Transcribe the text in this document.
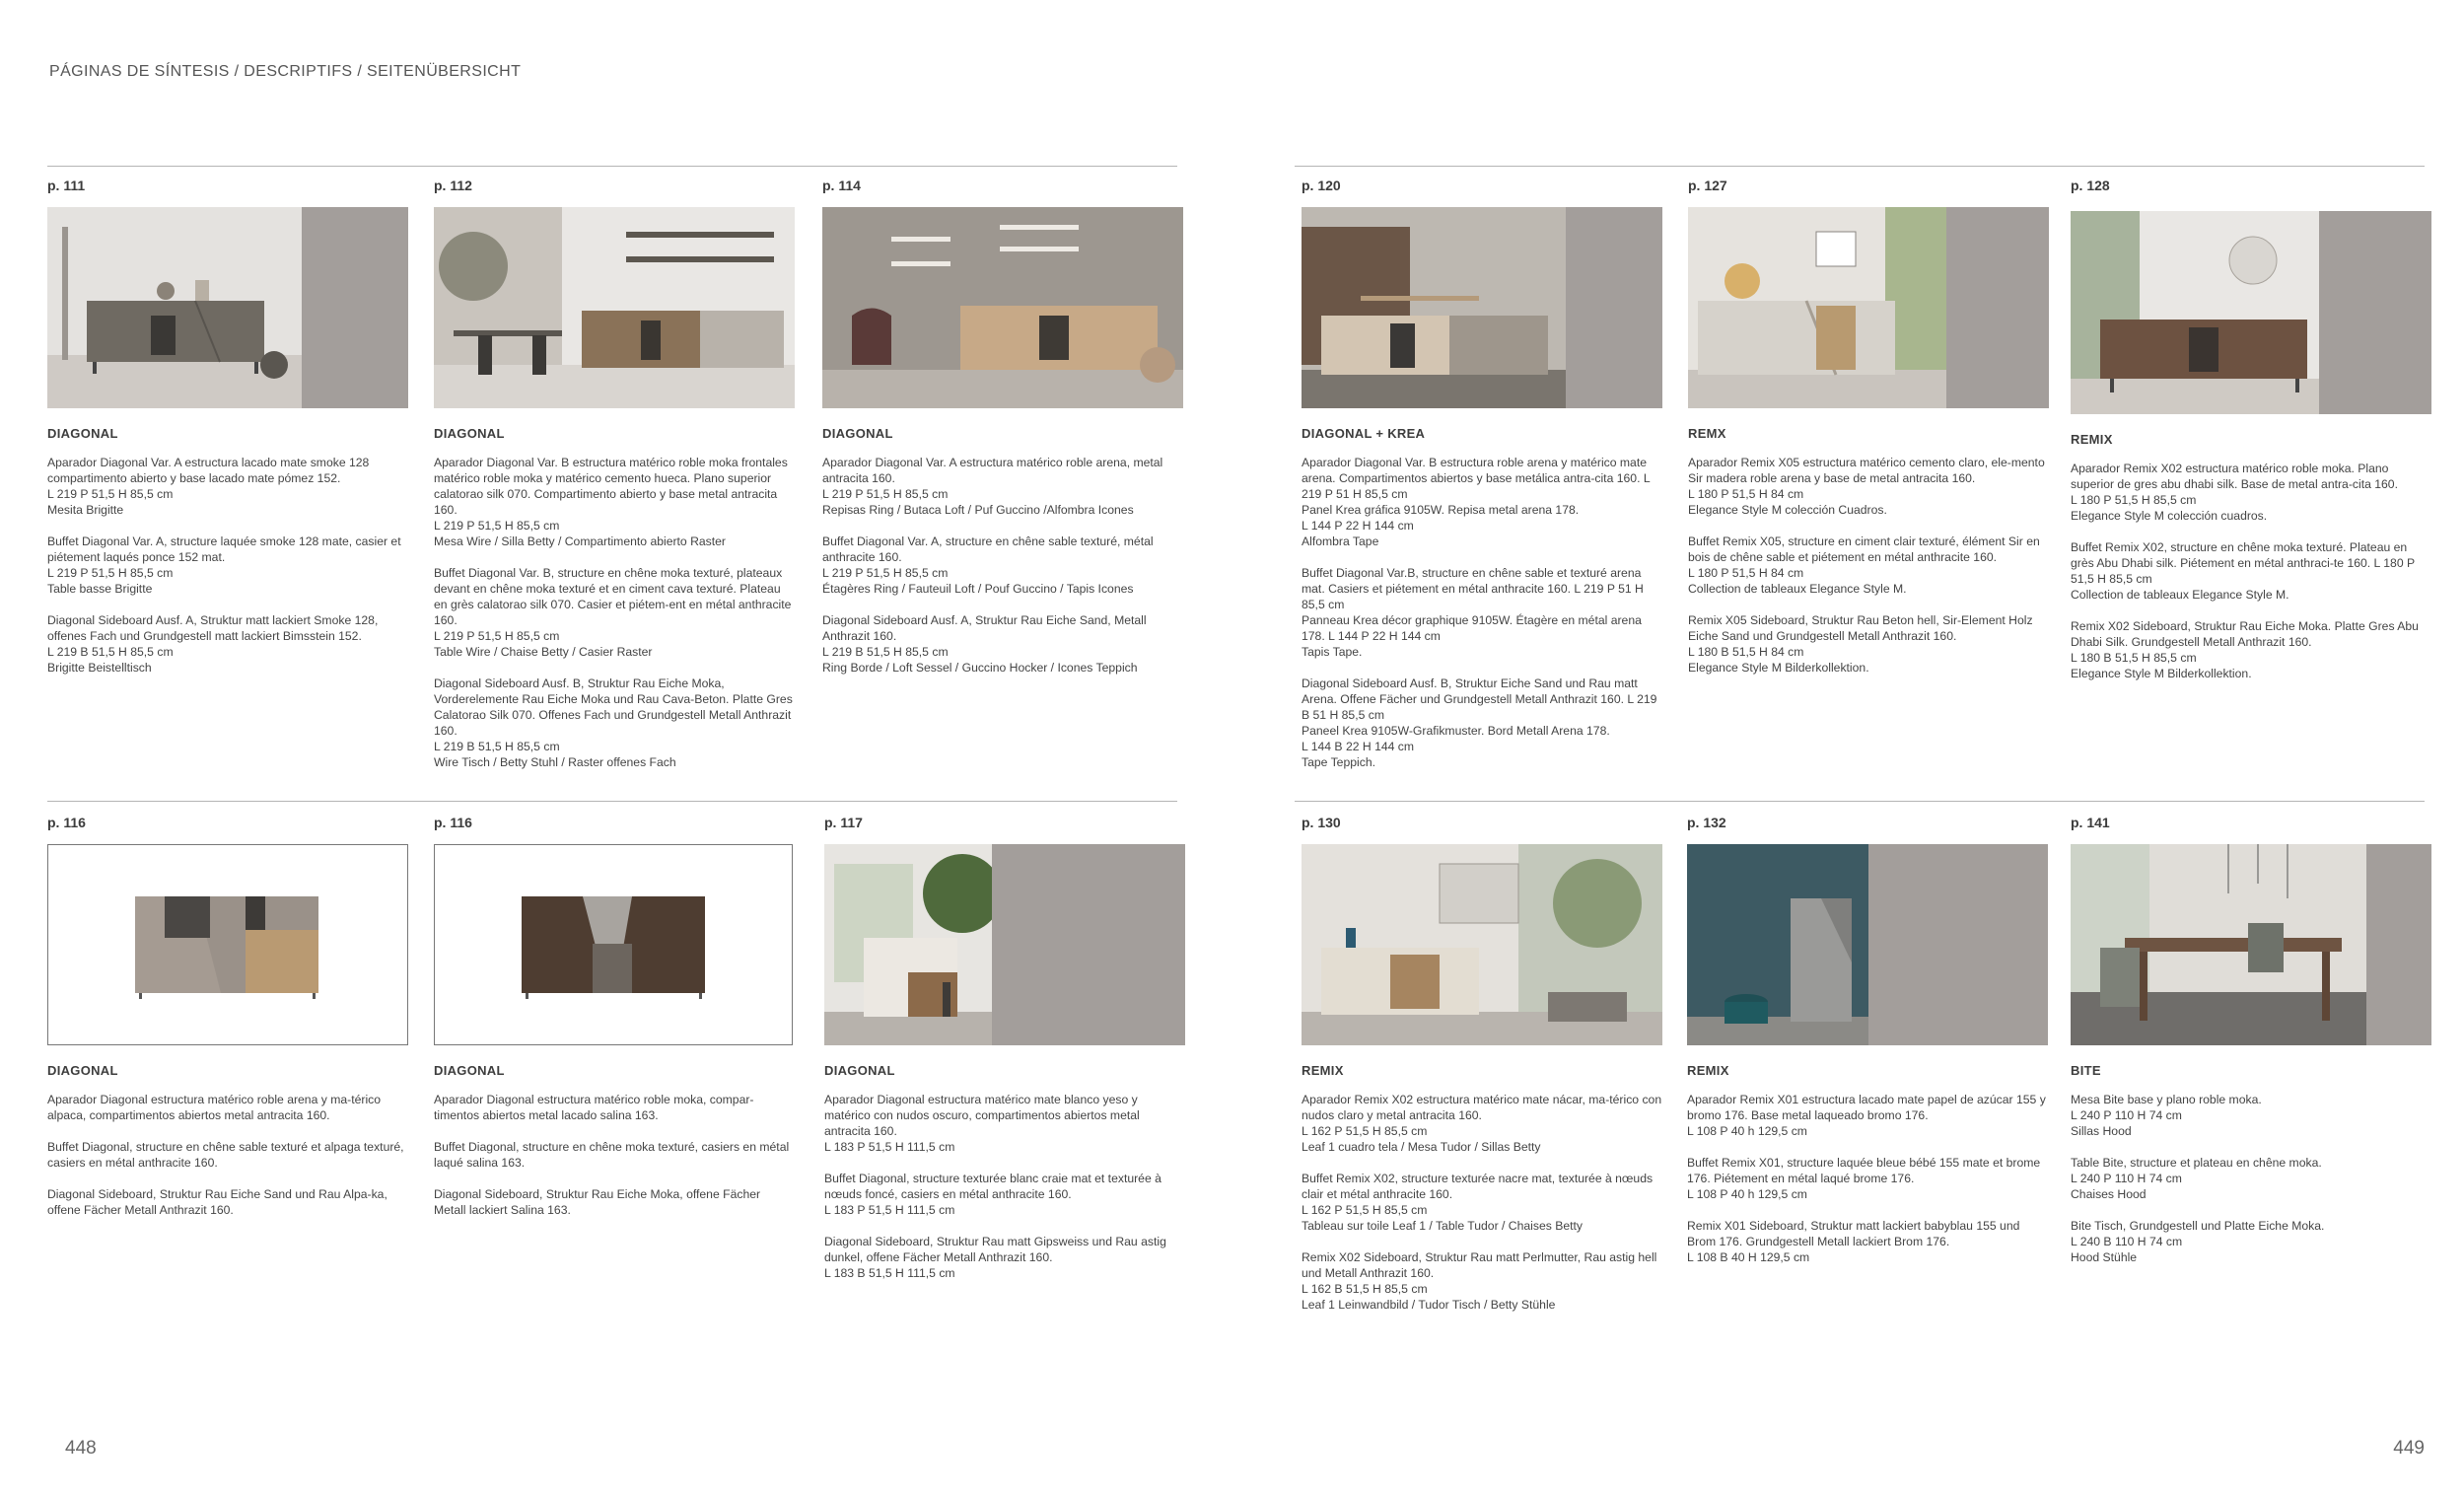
PÁGINAS DE SÍNTESIS / DESCRIPTIFS / SEITENÜBERSICHT
p. 111
DIAGONAL

Aparador Diagonal Var. A estructura lacado mate smoke 128 compartimento abierto y base lacado mate pómez 152.
L 219 P 51,5 H 85,5 cm
Mesita Brigitte

Buffet Diagonal Var. A, structure laquée smoke 128 mate, casier et piétement laqués ponce 152 mat.
L 219 P 51,5 H 85,5 cm
Table basse Brigitte

Diagonal Sideboard Ausf. A, Struktur matt lackiert Smoke 128, offenes Fach und Grundgestell matt lackiert Bimsstein 152.
L 219 B 51,5 H 85,5 cm
Brigitte Beistelltisch

p. 112
DIAGONAL

Aparador Diagonal Var. B estructura matérico roble moka frontales matérico roble moka y matérico cemento hueca. Plano superior calatorao silk 070. Compartimento abierto y base metal antracita 160.
L 219 P 51,5 H 85,5 cm
Mesa Wire / Silla Betty / Compartimento abierto Raster

Buffet Diagonal Var. B, structure en chêne moka texturé, plateaux devant en chêne moka texturé et en ciment cava texturé. Plateau en grès calatorao silk 070. Casier et piétem-ent en métal anthracite 160.
L 219 P 51,5 H 85,5 cm
Table Wire / Chaise Betty / Casier Raster

Diagonal Sideboard Ausf. B, Struktur Rau Eiche Moka, Vorderelemente Rau Eiche Moka und Rau Cava-Beton. Platte Gres Calatorao Silk 070. Offenes Fach und Grundgestell Metall Anthrazit 160.
L 219 B 51,5 H 85,5 cm
Wire Tisch / Betty Stuhl / Raster offenes Fach

p. 114
DIAGONAL

Aparador Diagonal Var. A estructura matérico roble arena, metal antracita 160.
L 219 P 51,5 H 85,5 cm
Repisas Ring / Butaca Loft / Puf Guccino /Alfombra Icones

Buffet Diagonal Var. A, structure en chêne sable texturé, métal anthracite 160.
L 219 P 51,5 H 85,5 cm
Étagères Ring / Fauteuil Loft / Pouf Guccino / Tapis Icones

Diagonal Sideboard Ausf. A, Struktur Rau Eiche Sand, Metall Anthrazit 160.
L 219 B 51,5 H 85,5 cm
Ring Borde / Loft Sessel / Guccino Hocker / Icones Teppich

p. 120
DIAGONAL + KREA

Aparador Diagonal Var. B estructura roble arena y matérico mate arena. Compartimentos abiertos y base metálica antra-cita 160. L 219 P 51 H 85,5 cm
Panel Krea gráfica 9105W. Repisa metal arena 178.
L 144 P 22 H 144 cm
Alfombra Tape

Buffet Diagonal Var.B, structure en chêne sable et texturé arena mat. Casiers et piétement en métal anthracite 160. L 219 P 51 H 85,5 cm
Panneau Krea décor graphique 9105W. Étagère en métal arena 178. L 144 P 22 H 144 cm
Tapis Tape.

Diagonal Sideboard Ausf. B, Struktur Eiche Sand und Rau matt Arena. Offene Fächer und Grundgestell Metall Anthrazit 160. L 219 B 51 H 85,5 cm
Paneel Krea 9105W-Grafikmuster. Bord Metall Arena 178.
L 144 B 22 H 144 cm
Tape Teppich.

p. 127
REMX

Aparador Remix X05 estructura matérico cemento claro, ele-mento Sir madera roble arena y base de metal antracita 160.
L 180 P 51,5 H 84 cm
Elegance Style M colección Cuadros.

Buffet Remix X05, structure en ciment clair texturé, élément Sir en bois de chêne sable et piétement en métal anthracite 160.
L 180 P 51,5 H 84 cm
Collection de tableaux Elegance Style M.

Remix X05 Sideboard, Struktur Rau Beton hell, Sir-Element Holz Eiche Sand und Grundgestell Metall Anthrazit 160.
L 180 B 51,5 H 84 cm
Elegance Style M Bilderkollektion.

p. 128
REMIX

Aparador Remix X02 estructura matérico roble moka. Plano superior de gres abu dhabi silk. Base de metal antra-cita 160.
L 180 P 51,5 H 85,5 cm
Elegance Style M colección cuadros.

Buffet Remix X02, structure en chêne moka texturé. Plateau en grès Abu Dhabi silk. Piétement en métal anthraci-te 160. L 180 P 51,5 H 85,5 cm
Collection de tableaux Elegance Style M.

Remix X02 Sideboard, Struktur Rau Eiche Moka. Platte Gres Abu Dhabi Silk. Grundgestell Metall Anthrazit 160.
L 180 B 51,5 H 85,5 cm
Elegance Style M Bilderkollektion.

p. 116
DIAGONAL

Aparador Diagonal estructura matérico roble arena y ma-térico alpaca, compartimentos abiertos metal antracita 160.

Buffet Diagonal, structure en chêne sable texturé et alpaga texturé, casiers en métal anthracite 160.

Diagonal Sideboard, Struktur Rau Eiche Sand und Rau Alpa-ka, offene Fächer Metall Anthrazit 160.

p. 116
DIAGONAL

Aparador Diagonal estructura matérico roble moka, compar-timentos abiertos metal lacado salina 163.

Buffet Diagonal, structure en chêne moka texturé, casiers en métal laqué salina 163.

Diagonal Sideboard, Struktur Rau Eiche Moka, offene Fächer Metall lackiert Salina 163.

p. 117
DIAGONAL

Aparador Diagonal estructura matérico mate blanco yeso y matérico con nudos oscuro, compartimentos abiertos metal antracita 160.
L 183 P 51,5 H 111,5 cm

Buffet Diagonal, structure texturée blanc craie mat et texturée à nœuds foncé, casiers en métal anthracite 160.
L 183 P 51,5 H 111,5 cm

Diagonal Sideboard, Struktur Rau matt Gipsweiss und Rau astig dunkel, offene Fächer Metall Anthrazit 160.
L 183 B 51,5 H 111,5 cm

p. 130
REMIX

Aparador Remix X02 estructura matérico mate nácar, ma-térico con nudos claro y metal antracita 160.
L 162 P 51,5 H 85,5 cm
Leaf 1 cuadro tela / Mesa Tudor / Sillas Betty

Buffet Remix X02, structure texturée nacre mat, texturée à nœuds clair et métal anthracite 160.
L 162 P 51,5 H 85,5 cm
Tableau sur toile Leaf 1 / Table Tudor / Chaises Betty

Remix X02 Sideboard, Struktur Rau matt Perlmutter, Rau astig hell und Metall Anthrazit 160.
L 162 B 51,5 H 85,5 cm
Leaf 1 Leinwandbild / Tudor Tisch / Betty Stühle

p. 132
REMIX

Aparador Remix X01 estructura lacado mate papel de azúcar 155 y bromo 176. Base metal laqueado bromo 176.
L 108 P 40 h 129,5 cm

Buffet Remix X01, structure laquée bleue bébé 155 mate et brome 176. Piétement en métal laqué brome 176.
L 108 P 40 h 129,5 cm

Remix X01 Sideboard, Struktur matt lackiert babyblau 155 und Brom 176. Grundgestell Metall lackiert Brom 176.
L 108 B 40 H 129,5 cm

p. 141
BITE

Mesa Bite base y plano roble moka.
L 240 P 110 H 74 cm
Sillas Hood

Table Bite, structure et plateau en chêne moka.
L 240 P 110 H 74 cm
Chaises Hood

Bite Tisch, Grundgestell und Platte Eiche Moka.
L 240 B 110 H 74 cm
Hood Stühle

448	449
